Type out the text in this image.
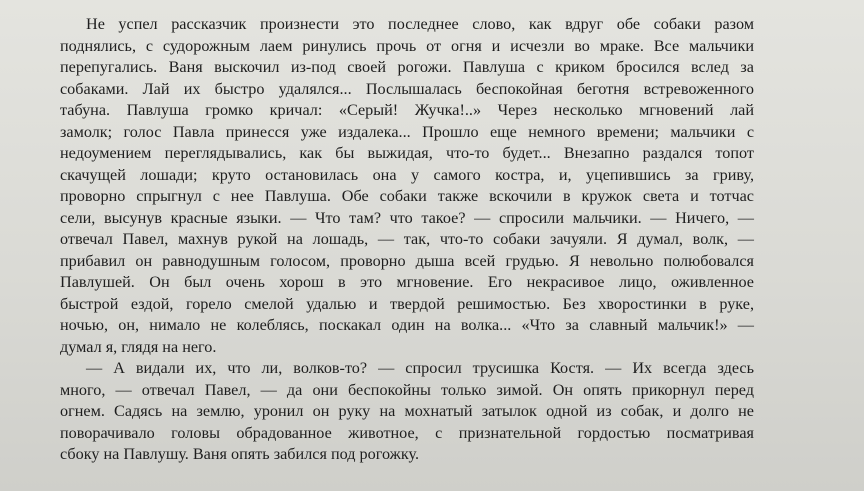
Не успел рассказчик произнести это последнее слово, как вдруг обе собаки разом
поднялись, с судорожным лаем ринулись прочь от огня и исчезли во мраке. Все мальчики
перепугались. Ваня выскочил из-под своей рогожи. Павлуша с криком бросился вслед за
собаками. Лай их быстро удалялся... Послышалась беспокойная беготня встревоженного
табуна. Павлуша громко кричал: «Серый! Жучка!..» Через несколько мгновений лай
замолк; голос Павла принесся уже издалека... Прошло еще немного времени; мальчики с
недоумением переглядывались, как бы выжидая, что-то будет... Внезапно раздался топот
скачущей лошади; круто остановилась она у самого костра, и, уцепившись за гриву,
проворно спрыгнул с нее Павлуша. Обе собаки также вскочили в кружок света и тотчас
сели, высунув красные языки. — Что там? что такое? — спросили мальчики. — Ничего, —
отвечал Павел, махнув рукой на лошадь, — так, что-то собаки зачуяли. Я думал, волк, —
прибавил он равнодушным голосом, проворно дыша всей грудью. Я невольно полюбовался
Павлушей. Он был очень хорош в это мгновение. Его некрасивое лицо, оживленное
быстрой ездой, горело смелой удалью и твердой решимостью. Без хворостинки в руке,
ночью, он, нимало не колеблясь, поскакал один на волка... «Что за славный мальчик!» —
думал я, глядя на него.
— А видали их, что ли, волков-то? — спросил трусишка Костя. — Их всегда здесь
много, — отвечал Павел, — да они беспокойны только зимой. Он опять прикорнул перед
огнем. Садясь на землю, уронил он руку на мохнатый затылок одной из собак, и долго не
поворачивало головы обрадованное животное, с признательной гордостью посматривая
сбоку на Павлушу. Ваня опять забился под рогожку.
